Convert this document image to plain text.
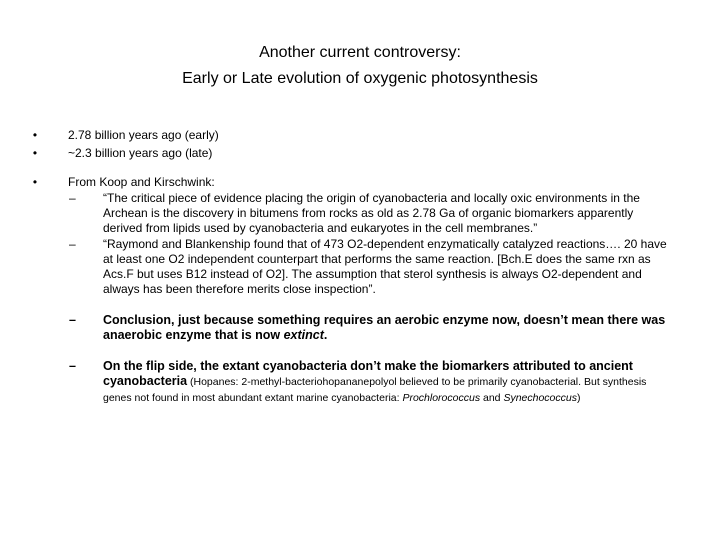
Another current controversy:
Early or Late evolution of oxygenic photosynthesis
•	2.78 billion years ago (early)
•	~2.3 billion years ago (late)
•	From Koop and Kirschwink:
– “The critical piece of evidence placing the origin of cyanobacteria and locally oxic environments in the Archean is the discovery in bitumens from rocks as old as 2.78 Ga of organic biomarkers apparently derived from lipids used by cyanobacteria and eukaryotes in the cell membranes.”
– “Raymond and Blankenship found that of 473 O2-dependent enzymatically catalyzed reactions…. 20 have at least one O2 independent counterpart that performs the same reaction. [Bch.E does the same rxn as Acs.F but uses B12 instead of O2]. The assumption that sterol synthesis is always O2-dependent and always has been therefore merits close inspection”.
– Conclusion, just because something requires an aerobic enzyme now, doesn’t mean there was anaerobic enzyme that is now extinct.
– On the flip side, the extant cyanobacteria don’t make the biomarkers attributed to ancient cyanobacteria (Hopanes: 2-methyl-bacteriohopananepolyol believed to be primarily cyanobacterial. But synthesis genes not found in most abundant extant marine cyanobacteria: Prochlorococcus and Synechococcus)
